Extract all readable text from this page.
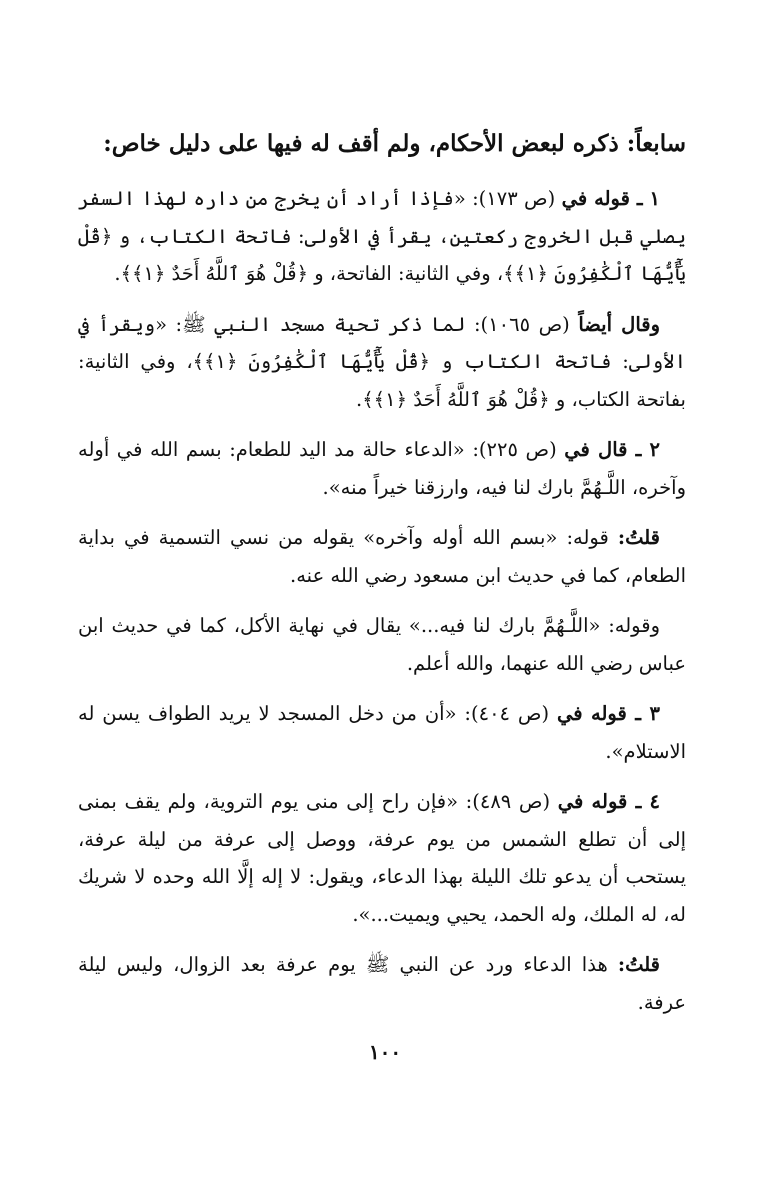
سابعاً: ذكره لبعض الأحكام، ولم أقف له فيها على دليل خاص:

١ ـ قوله في (ص ١٧٣): «فإذا أراد أن يخرج من داره لهذا السفر يصلي قبل الخروج ركعتين، يقرأ في الأولى: فاتحة الكتاب، و ﴿قُلْ يَٰٓأَيُّهَا ٱلْكَٰفِرُونَ ﴿١﴾﴾، وفي الثانية: الفاتحة، و ﴿قُلْ هُوَ ٱللَّهُ أَحَدٌ ﴿١﴾﴾.

وقال أيضاً (ص ١٠٦٥): لما ذكر تحية مسجد النبي ﷺ: «ويقرأ في الأولى: فاتحة الكتاب و ﴿قُلْ يَٰٓأَيُّهَا ٱلْكَٰفِرُونَ ﴿١﴾﴾، وفي الثانية: بفاتحة الكتاب، و ﴿قُلْ هُوَ ٱللَّهُ أَحَدٌ ﴿١﴾﴾.

٢ ـ قال في (ص ٢٢٥): «الدعاء حالة مد اليد للطعام: بسم الله في أوله وآخره، اللَّـهُمَّ بارك لنا فيه، وارزقنا خيراً منه».

قلتُ: قوله: «بسم الله أوله وآخره» يقوله من نسي التسمية في بداية الطعام، كما في حديث ابن مسعود رضي الله عنه.

وقوله: «اللَّـهُمَّ بارك لنا فيه...» يقال في نهاية الأكل، كما في حديث ابن عباس رضي الله عنهما، والله أعلم.

٣ ـ قوله في (ص ٤٠٤): «أن من دخل المسجد لا يريد الطواف يسن له الاستلام».

٤ ـ قوله في (ص ٤٨٩): «فإن راح إلى منى يوم التروية، ولم يقف بمنى إلى أن تطلع الشمس من يوم عرفة، ووصل إلى عرفة من ليلة عرفة، يستحب أن يدعو تلك الليلة بهذا الدعاء، ويقول: لا إله إلَّا الله وحده لا شريك له، له الملك، وله الحمد، يحيي ويميت...».

قلتُ: هذا الدعاء ورد عن النبي ﷺ يوم عرفة بعد الزوال، وليس ليلة عرفة.

١٠٠
